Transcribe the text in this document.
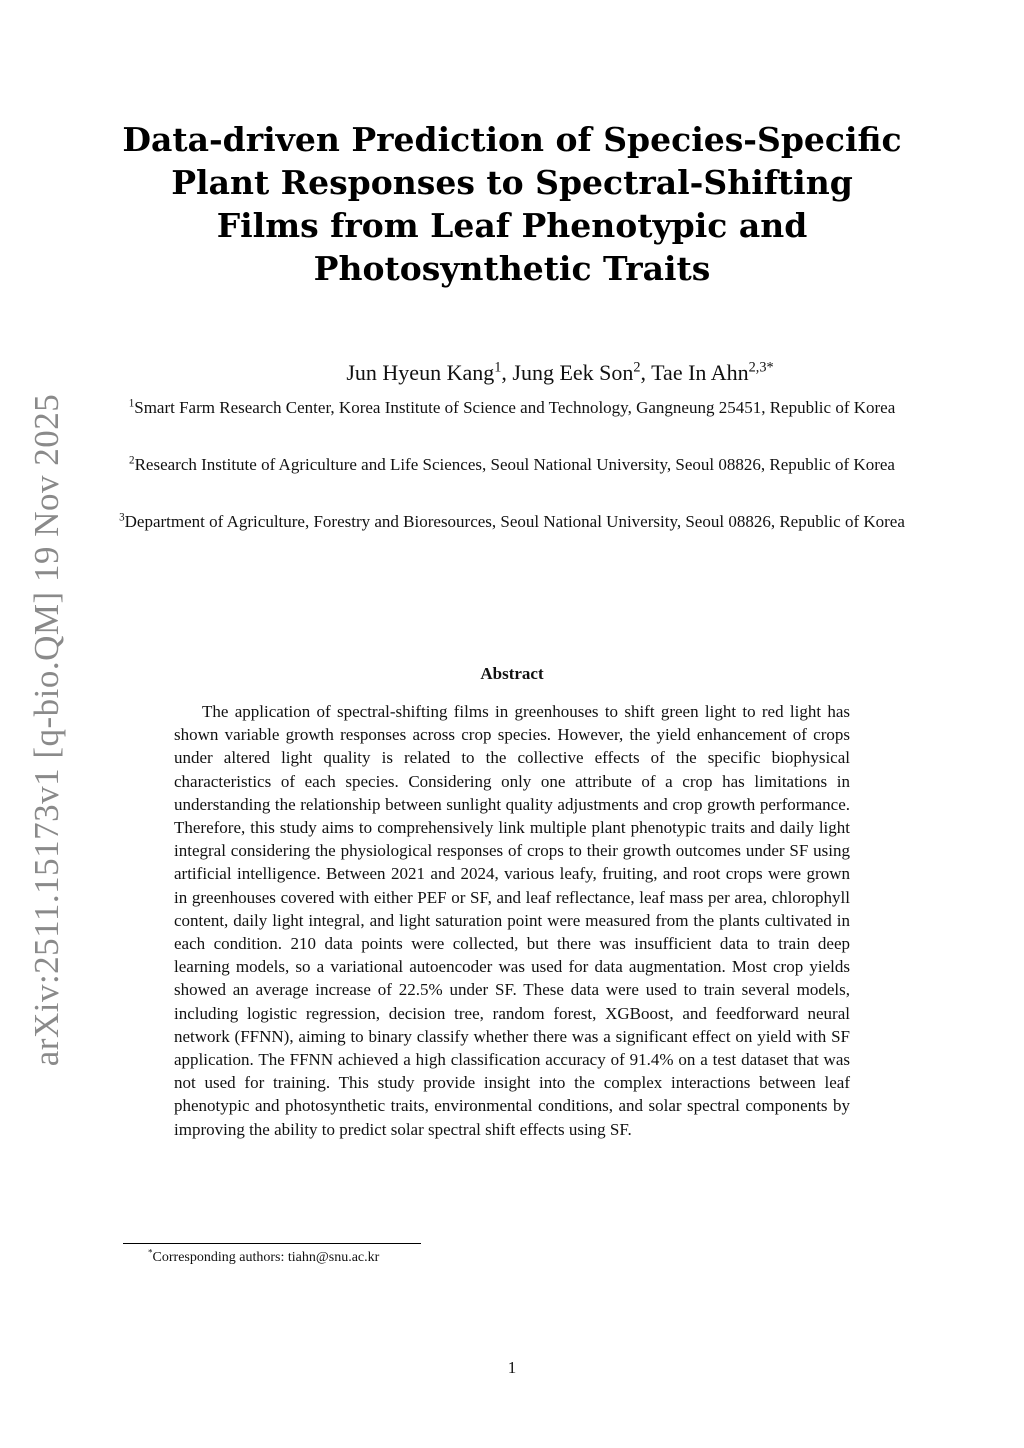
arXiv:2511.15173v1 [q-bio.QM] 19 Nov 2025
Data-driven Prediction of Species-Specific Plant Responses to Spectral-Shifting Films from Leaf Phenotypic and Photosynthetic Traits
Jun Hyeun Kang$^1$, Jung Eek Son$^2$, Tae In Ahn$^{2,3*}$
$^1$Smart Farm Research Center, Korea Institute of Science and Technology, Gangneung 25451, Republic of Korea
$^2$Research Institute of Agriculture and Life Sciences, Seoul National University, Seoul 08826, Republic of Korea
$^3$Department of Agriculture, Forestry and Bioresources, Seoul National University, Seoul 08826, Republic of Korea
Abstract

The application of spectral-shifting films in greenhouses to shift green light to red light has shown variable growth responses across crop species. However, the yield enhancement of crops under altered light quality is related to the collective effects of the specific biophysical characteristics of each species. Considering only one attribute of a crop has limitations in understanding the relationship between sunlight quality adjustments and crop growth performance. Therefore, this study aims to comprehensively link multiple plant phenotypic traits and daily light integral considering the physiological responses of crops to their growth outcomes under SF using artificial intelligence. Between 2021 and 2024, various leafy, fruiting, and root crops were grown in greenhouses covered with either PEF or SF, and leaf reflectance, leaf mass per area, chlorophyll content, daily light integral, and light saturation point were measured from the plants cultivated in each condition. 210 data points were collected, but there was insufficient data to train deep learning models, so a variational autoencoder was used for data augmentation. Most crop yields showed an average increase of 22.5% under SF. These data were used to train several models, including logistic regression, decision tree, random forest, XGBoost, and feedforward neural network (FFNN), aiming to binary classify whether there was a significant effect on yield with SF application. The FFNN achieved a high classification accuracy of 91.4% on a test dataset that was not used for training. This study provide insight into the complex interactions between leaf phenotypic and photosynthetic traits, environmental conditions, and solar spectral components by improving the ability to predict solar spectral shift effects using SF.

*Corresponding authors: tiahn@snu.ac.kr
1
